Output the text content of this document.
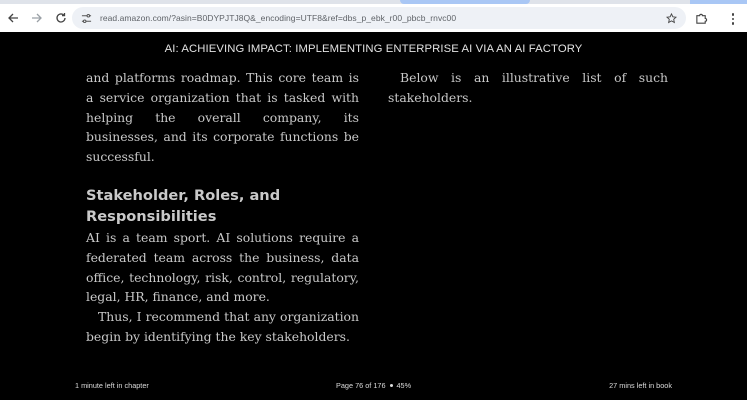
read.amazon.com/?asin=B0DYPJTJ8Q&_encoding=UTF8&ref=dbs_p_ebk_r00_pbcb_rnvc00
AI: ACHIEVING IMPACT: IMPLEMENTING ENTERPRISE AI VIA AN AI FACTORY

and platforms roadmap. This core team is a service organization that is tasked with helping the overall company, its businesses, and its corporate functions be successful.

Stakeholder, Roles, and Responsibilities

AI is a team sport. AI solutions require a federated team across the business, data office, technology, risk, control, regulatory, legal, HR, finance, and more.

Thus, I recommend that any organization begin by identifying the key stakeholders.

Below is an illustrative list of such stakeholders.

1 minute left in chapter	Page 76 of 176 45%	27 mins left in book
